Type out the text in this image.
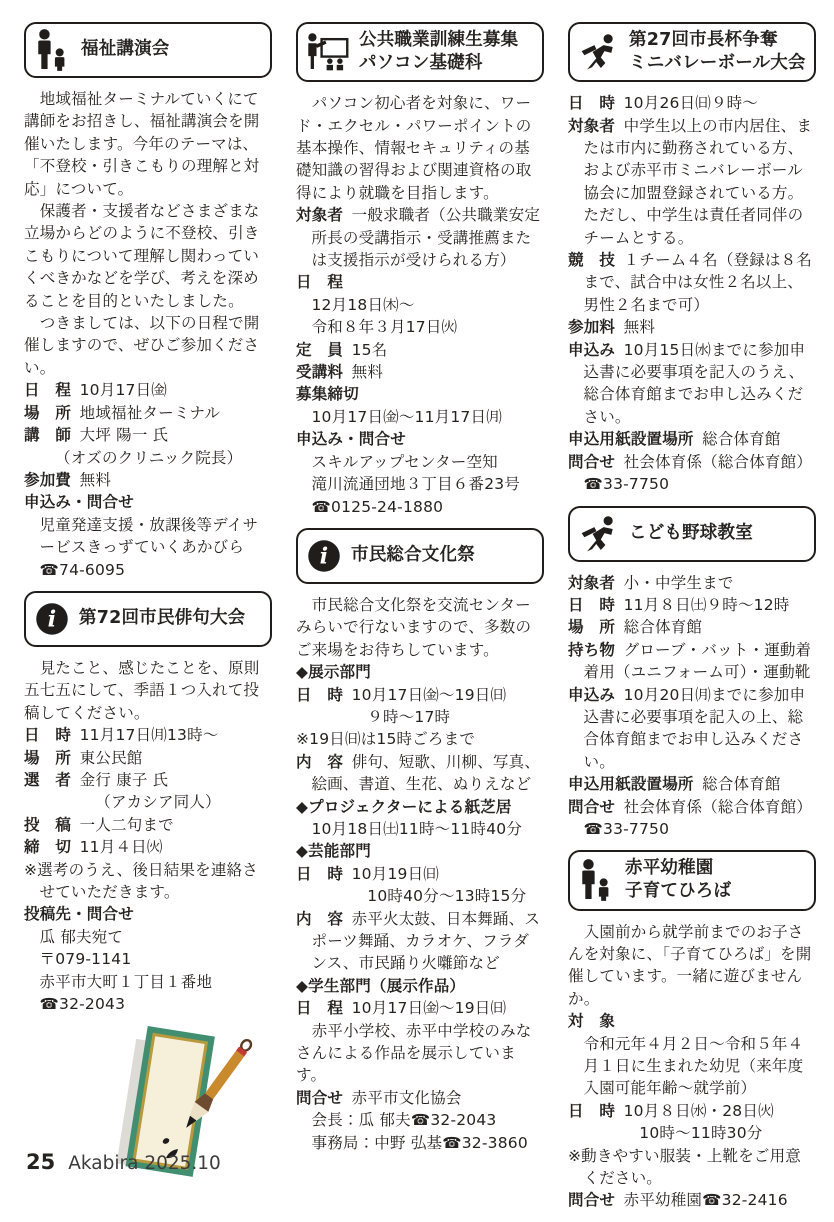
福祉講演会

　地域福祉ターミナルていくにて講師をお招きし、福祉講演会を開催いたします。今年のテーマは、「不登校・引きこもりの理解と対応」について。

　保護者・支援者などさまざまな立場からどのように不登校、引きこもりについて理解し関わっていくべきかなどを学び、考えを深めることを目的といたしました。

　つきましては、以下の日程で開催しますので、ぜひご参加ください。

日　程 10月17日㈮
場　所 地域福祉ターミナル
講　師 大坪 陽一 氏
（オズのクリニック院長）
参加費 無料
申込み・問合せ
児童発達支援・放課後等デイサービスきっずていくあかびら☎74-6095
i 第72回市民俳句大会

　見たこと、感じたことを、原則五七五にして、季語１つ入れて投稿してください。

日　時 11月17日㈪13時〜
場　所 東公民館
選　者 金行 康子 氏
（アカシア同人）
投　稿 一人二句まで
締　切 11月４日㈫
※選考のうえ、後日結果を連絡させていただきます。
投稿先・問合せ
瓜 郁夫宛て
〒079-1141
赤平市大町１丁目１番地
☎32-2043
公共職業訓練生募集
パソコン基礎科

　パソコン初心者を対象に、ワード・エクセル・パワーポイントの基本操作、情報セキュリティの基礎知識の習得および関連資格の取得により就職を目指します。

対象者 一般求職者（公共職業安定所長の受講指示・受講推薦または支援指示が受けられる方）
日　程
12月18日㈭〜
令和８年３月17日㈫
定　員 15名
受講料 無料
募集締切
10月17日㈮〜11月17日㈪
申込み・問合せ
スキルアップセンター空知
滝川流通団地３丁目６番23号
☎0125-24-1880
i 市民総合文化祭

　市民総合文化祭を交流センターみらいで行ないますので、多数のご来場をお待ちしています。

◆展示部門
日　時 10月17日㈮〜19日㈰
９時〜17時
※19日㈰は15時ごろまで
内　容 俳句、短歌、川柳、写真、絵画、書道、生花、ぬりえなど
◆プロジェクターによる紙芝居
10月18日㈯11時〜11時40分
◆芸能部門
日　時 10月19日㈰
10時40分〜13時15分
内　容 赤平火太鼓、日本舞踊、スポーツ舞踊、カラオケ、フラダンス、市民踊り火囃節など
◆学生部門（展示作品）
日　程 10月17日㈮〜19日㈰

　赤平小学校、赤平中学校のみなさんによる作品を展示しています。

問合せ 赤平市文化協会
会長：瓜 郁夫☎32-2043
事務局：中野 弘基☎32-3860
第27回市長杯争奪
ミニバレーボール大会
日　時 10月26日㈰９時〜
対象者 中学生以上の市内居住、または市内に勤務されている方、および赤平市ミニバレーボール協会に加盟登録されている方。ただし、中学生は責任者同伴のチームとする。
競　技 １チーム４名（登録は８名まで、試合中は女性２名以上、男性２名まで可）
参加料 無料
申込み 10月15日㈬までに参加申込書に必要事項を記入のうえ、総合体育館までお申し込みください。
申込用紙設置場所 総合体育館
問合せ 社会体育係（総合体育館）☎33-7750
こども野球教室
対象者 小・中学生まで
日　時 11月８日㈯９時〜12時
場　所 総合体育館
持ち物 グローブ・バット・運動着着用（ユニフォーム可）・運動靴
申込み 10月20日㈪までに参加申込書に必要事項を記入の上、総合体育館までお申し込みください。
申込用紙設置場所 総合体育館
問合せ 社会体育係（総合体育館）☎33-7750
赤平幼稚園
子育てひろば

　入園前から就学前までのお子さんを対象に、「子育てひろば」を開催しています。一緒に遊びませんか。

対　象
令和元年４月２日〜令和５年４月１日に生まれた幼児（来年度入園可能年齢〜就学前）
日　時 10月８日㈬・28日㈫
10時〜11時30分
※動きやすい服装・上靴をご用意ください。
問合せ 赤平幼稚園☎32-2416
25 Akabira 2025.10
